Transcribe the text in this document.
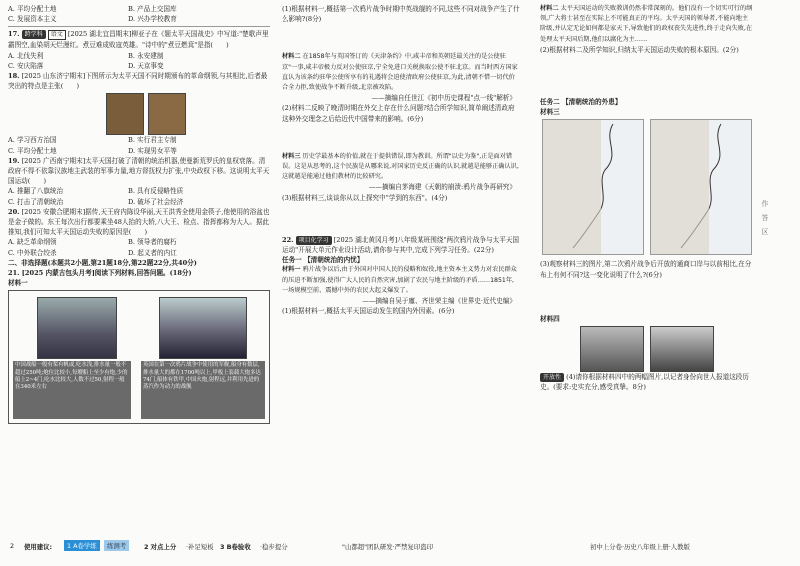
A. 平均分配土地	B. 产品上交国库
C. 发展资本主义	D. 兴办学校教育

17. 跨学科 语文 [2025 湖北宜昌期末]柳亚子在《题太平天国战史》中写道:"楚歌声里霸图空,血染胡天烂漫红。煮豆难成败寇英雄。"诗中的"煮豆燃萁"是指(　　)

A. 北伐失利	B. 永安建制
C. 安庆陷落	D. 天京事变

18. [2025 山东济宁期末]下图所示为太平天国不同时期颁布的革命纲领,与其相比,后者最突出的特点是主张(　　)

A. 学习西方治国	B. 实行君主专制
C. 平均分配土地	D. 实现男女平等

19. [2025 广西南宁期末]太平天国打破了清朝的统治机器,使曼新荒罗氏的皇权衰落。清政府不得不依靠汉族地主武装的军事力量,地方督抚权力扩张,中央政权下移。这说明太平天国运动(　　)

A. 推翻了八旗统治	B. 具有反侵略性质
C. 打击了清朝统治	D. 破坏了社会经济

20. [2025 安徽合肥期末]据传,天王府内陈设华丽,天王洪秀全使用金筷子,他使用的浴盆也是金子做的。东王每次出行都要乘坐48人抬的大轿,八大王、检点、指挥都称为大人。据此推知,我们可知太平天国运动失败的原因是(　　)

A. 缺乏革命纲领	B. 领导者的腐朽
C. 中外联合绞杀	D. 起义者的内讧

二、非选择题(本题共2小题,第21题18分,第22题22分,共40分)

21. [2025 内蒙古包头月考]阅读下列材料,回答问题。(18分)

材料一

中国战船一般有桨有帆或,吃水浅,排水量一般不超过250吨;炮位比较小,每艘船上至少有炮,少的船上2~4门,吃水比较大,人数不过50,射程一般在340米左右
英国在第一次鸦片战争中使用的军舰,船身有数层,排水量大的都在1700吨以上,甲板上装载大炮多达74门,船体有铁甲,中国火炮,射程远,并利用先进的蒸汽作为动力的战舰

(1)根据材料一,概括第一次鸦片战争时期中英战舰的不同,这些不同对战争产生了什么影响?(8分)

材料二 在1858年与英国签订的《天津条约》中,咸丰帝和英朝廷最关注的是公使驻京"一事,咸丰帝极力反对公使驻京,宁全免进口关税换取公使不驻北京。而当时西方国家直认为该条约驻华公使所享有的礼遇将会迫使清政府公使驻京,为此,清朝不惜一切代价合全力拒,致使战争不断升级,北京被攻陷。

——摘编自任世江《初中历史课程"点一线"解析》

(2)材料二反映了晚清时期在外交上存在什么问题?结合所学知识,简单阐述清政府这种外交理念之后给近代中国带来的影响。(6分)

材料三 历史学最基本的价值,就在于提供错误,即为教训。所谓"以史为鉴",正是面对错误。这是从思考的,这个民族是从哪来说,对国家历史反正确的认识,就越是能够正确认识,这就越是能通过他们教材的比较研究。

——摘编自茅海建《天朝的崩溃:鸦片战争再研究》

(3)根据材料三,谈谈你从以上探究中"学到的东西"。(4分)

22. 项目化学习 [2025 湖北黄冈月考]八年级某班围绕"两次鸦片战争与太平天国运动"开展大单元作业设计活动,请你参与其中,完成下列学习任务。(22分)

任务一 【清朝统治的内忧】

材料一 鸦片战争以后,由于外国对中国人民的侵略和奴役,地主资本主义势力对农民群众的压迫不断加强,使得广大人民的自然灾害,加剧了农民与地主阶级的矛盾……1851年,一场规模空前、震撼中外的农民大起义爆发了。

——摘编自吴于廑、齐世荣主编《世界史·近代史编》

(1)根据材料一,概括太平天国运动发生的国内外因素。(6分)

材料二 太平天国运动的失败教训仍然非常深刻的。他们没有一个切实可行的纲领,广大将士甚至在实际上不可能真正的平均。太平天国的领导者,不能向地主阶级,并认定无论如何都是家天下,导致他们的政权丧失先进性,终于走向失败,在处理太平天国后期,他们以腐化为主……

(2)根据材料二及所学知识,归纳太平天国运动失败的根本原因。(2分)

任务二 【清朝统治的外患】

材料三

(3)观察材料三的图片,第二次鸦片战争后开放的通商口岸与以前相比,在分布上有何不同?这一变化说明了什么?(6分)

材料四

开放性 (4)请你根据材料四中的两幅图片,以记者身份向世人报道这段历史。(要求:史实充分,感受真挚。8分)

作　答　区
2 使用建议:	1 A卷学练	练测考	2 对点上分 ·补足短板 3 B卷验收 ·稳步提分	"山都超"团队研发·严禁复印盗印	初中上分卷·历史八年级上册·人教版
